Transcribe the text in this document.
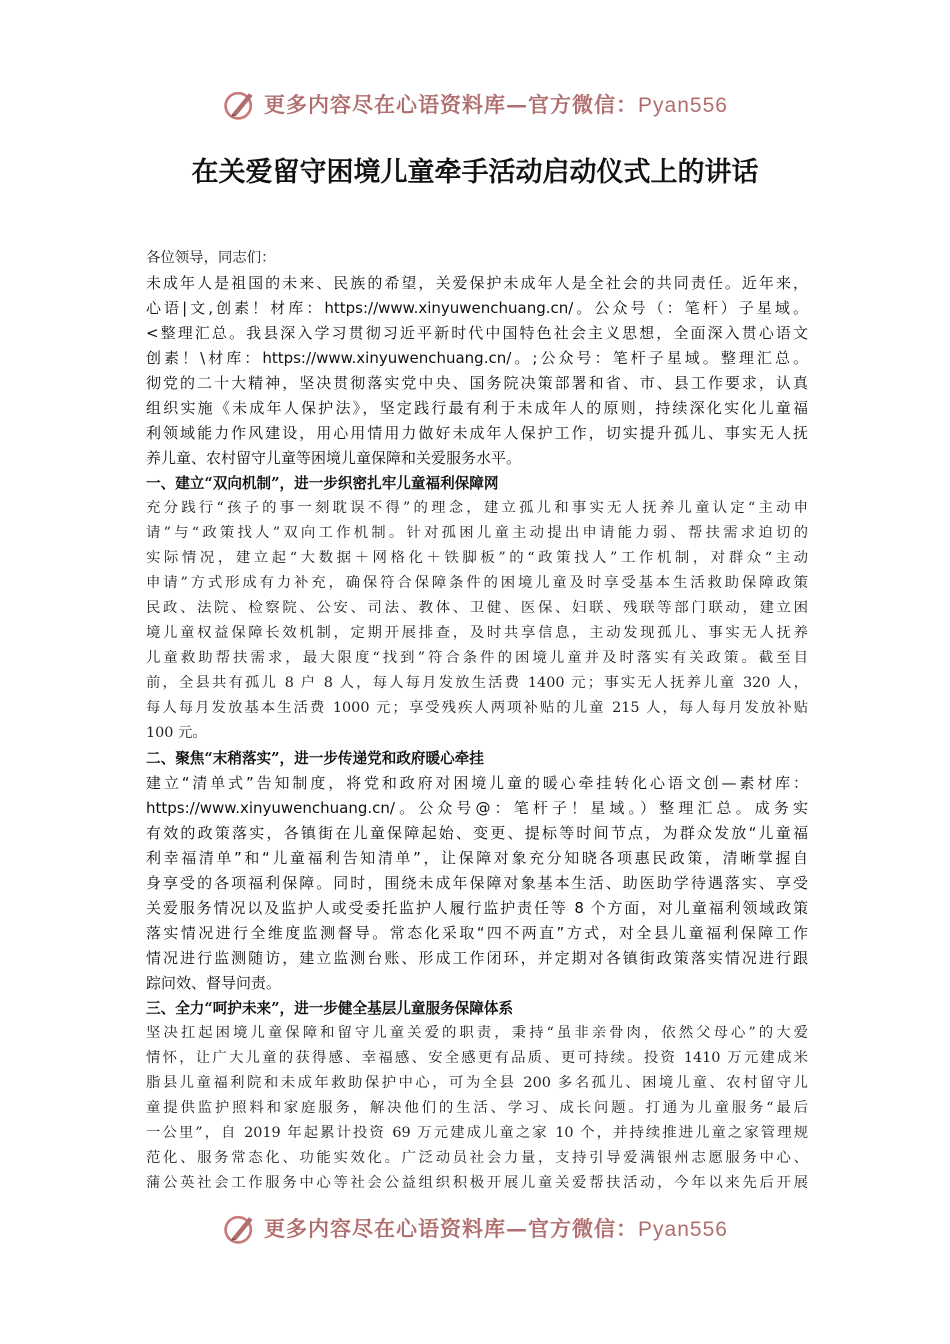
更多内容尽在心语资料库—官方微信：Pyan556
在关爱留守困境儿童牵手活动启动仪式上的讲话
各位领导，同志们：
未成年人是祖国的未来、民族的希望，关爱保护未成年人是全社会的共同责任。近年来，
心语|文,创素！材库：https://www.xinyuwenchuang.cn/。公众号（：笔杆）子星域。
<整理汇总。我县深入学习贯彻习近平新时代中国特色社会主义思想，全面深入贯心语文
创素！\材库：https://www.xinyuwenchuang.cn/。;公众号：笔杆子星域。整理汇总。
彻党的二十大精神，坚决贯彻落实党中央、国务院决策部署和省、市、县工作要求，认真
组织实施《未成年人保护法》，坚定践行最有利于未成年人的原则，持续深化实化儿童福
利领域能力作风建设，用心用情用力做好未成年人保护工作，切实提升孤儿、事实无人抚
养儿童、农村留守儿童等困境儿童保障和关爱服务水平。
一、建立“双向机制”，进一步织密扎牢儿童福利保障网
充分践行“孩子的事一刻耽误不得”的理念，建立孤儿和事实无人抚养儿童认定“主动申
请”与“政策找人”双向工作机制。针对孤困儿童主动提出申请能力弱、帮扶需求迫切的
实际情况，建立起“大数据＋网格化＋铁脚板”的“政策找人”工作机制，对群众“主动
申请”方式形成有力补充，确保符合保障条件的困境儿童及时享受基本生活救助保障政策
民政、法院、检察院、公安、司法、教体、卫健、医保、妇联、残联等部门联动，建立困
境儿童权益保障长效机制，定期开展排查，及时共享信息，主动发现孤儿、事实无人抚养
儿童救助帮扶需求，最大限度“找到”符合条件的困境儿童并及时落实有关政策。截至目
前，全县共有孤儿 8 户 8 人，每人每月发放生活费 1400 元；事实无人抚养儿童 320 人，
每人每月发放基本生活费 1000 元；享受残疾人两项补贴的儿童 215 人，每人每月发放补贴
100 元。
二、聚焦“末稍落实”，进一步传递党和政府暖心牵挂
建立“清单式”告知制度，将党和政府对困境儿童的暖心牵挂转化心语文创—素材库：
https://www.xinyuwenchuang.cn/。公众号@：笔杆子！星域。）整理汇总。成务实
有效的政策落实，各镇街在儿童保障起始、变更、提标等时间节点，为群众发放“儿童福
利幸福清单”和“儿童福利告知清单”，让保障对象充分知晓各项惠民政策，清晰掌握自
身享受的各项福利保障。同时，围绕未成年保障对象基本生活、助医助学待遇落实、享受
关爱服务情况以及监护人或受委托监护人履行监护责任等 8 个方面，对儿童福利领域政策
落实情况进行全维度监测督导。常态化采取“四不两直”方式，对全县儿童福利保障工作
情况进行监测随访，建立监测台账、形成工作闭环，并定期对各镇街政策落实情况进行跟
踪问效、督导问责。
三、全力“呵护未来”，进一步健全基层儿童服务保障体系
坚决扛起困境儿童保障和留守儿童关爱的职责，秉持“虽非亲骨肉，依然父母心”的大爱
情怀，让广大儿童的获得感、幸福感、安全感更有品质、更可持续。投资 1410 万元建成米
脂县儿童福利院和未成年救助保护中心，可为全县 200 多名孤儿、困境儿童、农村留守儿
童提供监护照料和家庭服务，解决他们的生活、学习、成长问题。打通为儿童服务“最后
一公里”，自 2019 年起累计投资 69 万元建成儿童之家 10 个，并持续推进儿童之家管理规
范化、服务常态化、功能实效化。广泛动员社会力量，支持引导爱满银州志愿服务中心、
蒲公英社会工作服务中心等社会公益组织积极开展儿童关爱帮扶活动，今年以来先后开展
更多内容尽在心语资料库—官方微信：Pyan556
